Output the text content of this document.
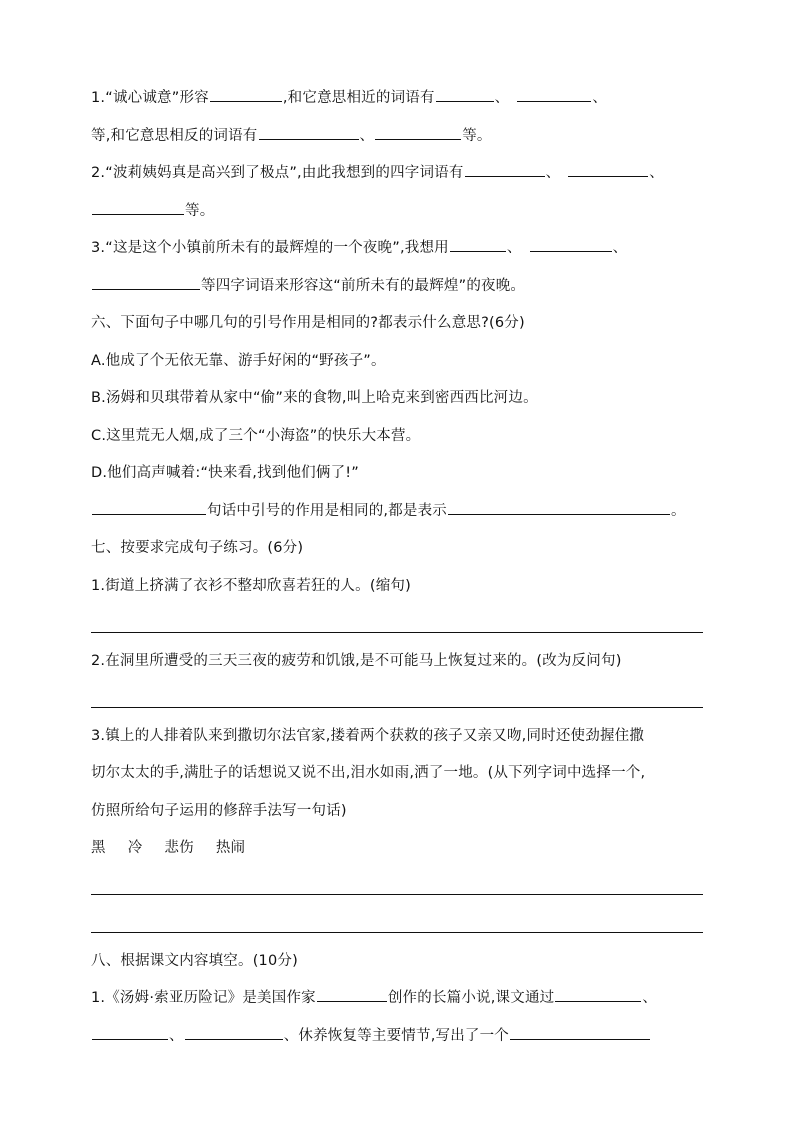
1.“诚心诚意”形容	,和它意思相近的词语有	、	、
等,和它意思相反的词语有	、	等。
2.“波莉姨妈真是高兴到了极点”,由此我想到的四字词语有	、	、
等。
3.“这是这个小镇前所未有的最辉煌的一个夜晚”,我想用	、	、
等四字词语来形容这“前所未有的最辉煌”的夜晚。
六、下面句子中哪几句的引号作用是相同的?都表示什么意思?(6分)
A.他成了个无依无靠、游手好闲的“野孩子”。
B.汤姆和贝琪带着从家中“偷”来的食物,叫上哈克来到密西西比河边。
C.这里荒无人烟,成了三个“小海盗”的快乐大本营。
D.他们高声喊着:“快来看,找到他们俩了!”
句话中引号的作用是相同的,都是表示	。
七、按要求完成句子练习。(6分)
1.街道上挤满了衣衫不整却欣喜若狂的人。(缩句)
2.在洞里所遭受的三天三夜的疲劳和饥饿,是不可能马上恢复过来的。(改为反问句)
3.镇上的人排着队来到撒切尔法官家,搂着两个获救的孩子又亲又吻,同时还使劲握住撒
切尔太太的手,满肚子的话想说又说不出,泪水如雨,洒了一地。(从下列字词中选择一个,
仿照所给句子运用的修辞手法写一句话)
黑 冷 悲伤 热闹
八、根据课文内容填空。(10分)
1.《汤姆·索亚历险记》是美国作家	创作的长篇小说,课文通过	、
、	、休养恢复等主要情节,写出了一个
